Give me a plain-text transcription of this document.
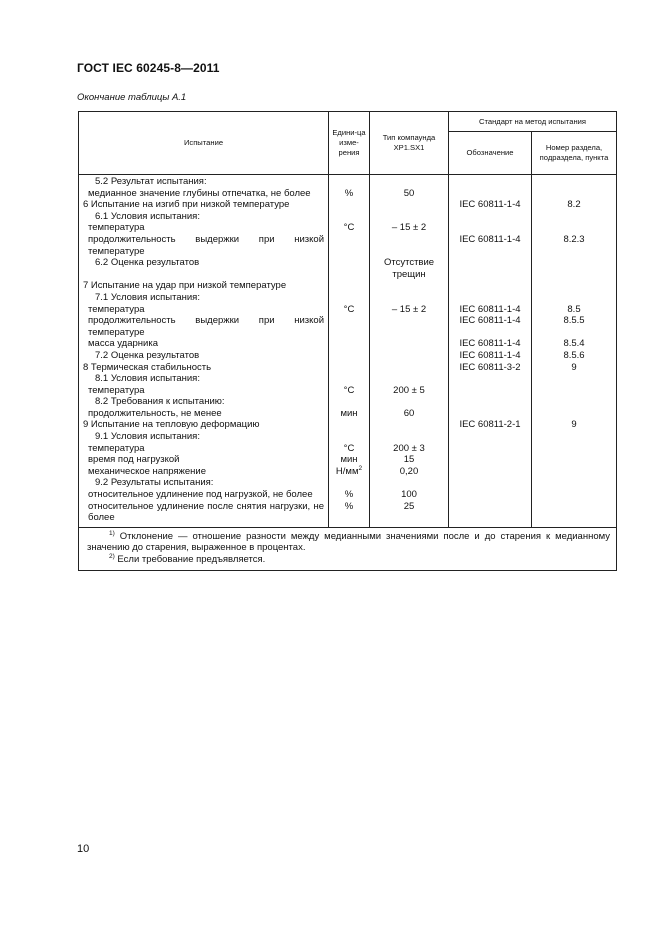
ГОСТ IEC 60245-8—2011
Окончание таблицы А.1
Испытание	Едини-ца изме-рения	Тип компаунда XP1.SX1	Стандарт на метод испытания	
			Обозначение	Номер раздела, подраздела, пункта
5.2 Результат испытания:				
медианное значение глубины отпечатка, не более	%	50		
6 Испытание на изгиб при низкой температуре			IEC 60811-1-4	8.2
6.1 Условия испытания:				
температура	°C	– 15 ± 2		
продолжительность выдержки при низкой температуре			IEC 60811-1-4	8.2.3
6.2 Оценка результатов		Отсутствие трещин		
7 Испытание на удар при низкой температуре				
7.1 Условия испытания:				
температура	°C	– 15 ± 2	IEC 60811-1-4	8.5
продолжительность выдержки при низкой температуре			IEC 60811-1-4	8.5.5
масса ударника			IEC 60811-1-4	8.5.4
7.2 Оценка результатов			IEC 60811-1-4	8.5.6
8 Термическая стабильность			IEC 60811-3-2	9
8.1 Условия испытания:				
температура	°C	200 ± 5		
8.2 Требования к испытанию:				
продолжительность, не менее	мин	60		
9 Испытание на тепловую деформацию			IEC 60811-2-1	9
9.1 Условия испытания:				
температура	°C	200 ± 3		
время под нагрузкой	мин	15		
механическое напряжение	$Н/мм^2$	0,20		
9.2 Результаты испытания:				
относительное удлинение под нагрузкой, не более	%	100		
относительное удлинение после снятия нагрузки, не более	%	25		

$^{1)}$ Отклонение — отношение разности между медианными значениями после и до старения к медианному значению до старения, выраженное в процентах.
$^{2)}$ Если требование предъявляется.				
10
